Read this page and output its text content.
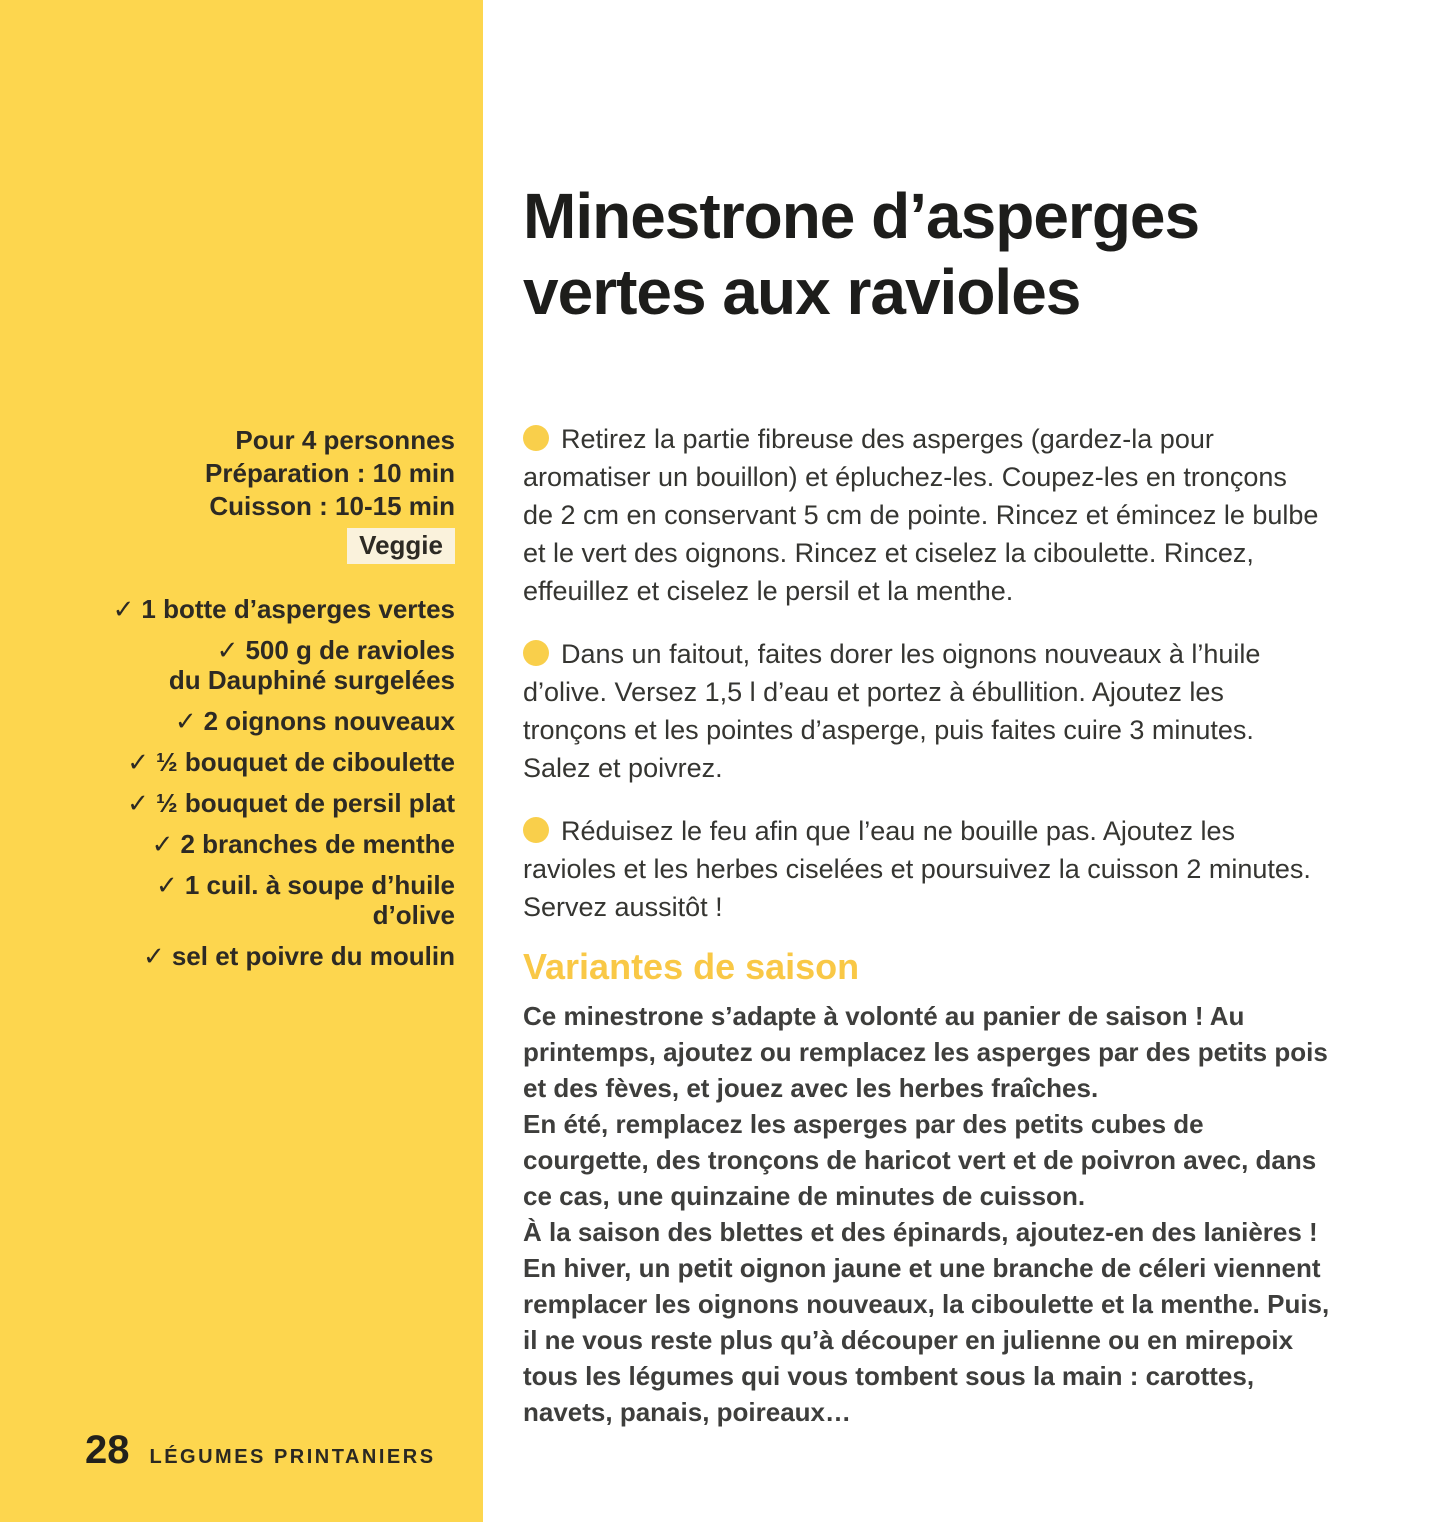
Pour 4 personnes
Préparation : 10 min
Cuisson : 10-15 min
Veggie
✓ 1 botte d’asperges vertes
✓ 500 g de ravioles
du Dauphiné surgelées
✓ 2 oignons nouveaux
✓ ½ bouquet de ciboulette
✓ ½ bouquet de persil plat
✓ 2 branches de menthe
✓ 1 cuil. à soupe d’huile
d’olive
✓ sel et poivre du moulin
28 LÉGUMES PRINTANIERS
Minestrone d’asperges
vertes aux ravioles

Retirez la partie fibreuse des asperges (gardez-la pour aromatiser un bouillon) et épluchez-les. Coupez-les en tronçons de 2 cm en conservant 5 cm de pointe. Rincez et émincez le bulbe et le vert des oignons. Rincez et ciselez la ciboulette. Rincez, effeuillez et ciselez le persil et la menthe.

Dans un faitout, faites dorer les oignons nouveaux à l’huile d’olive. Versez 1,5 l d’eau et portez à ébullition. Ajoutez les tronçons et les pointes d’asperge, puis faites cuire 3 minutes. Salez et poivrez.

Réduisez le feu afin que l’eau ne bouille pas. Ajoutez les ravioles et les herbes ciselées et poursuivez la cuisson 2 minutes. Servez aussitôt !

Variantes de saison

Ce minestrone s’adapte à volonté au panier de saison ! Au printemps, ajoutez ou remplacez les asperges par des petits pois et des fèves, et jouez avec les herbes fraîches.

En été, remplacez les asperges par des petits cubes de courgette, des tronçons de haricot vert et de poivron avec, dans ce cas, une quinzaine de minutes de cuisson.

À la saison des blettes et des épinards, ajoutez-en des lanières !

En hiver, un petit oignon jaune et une branche de céleri viennent remplacer les oignons nouveaux, la ciboulette et la menthe. Puis, il ne vous reste plus qu’à découper en julienne ou en mirepoix tous les légumes qui vous tombent sous la main : carottes, navets, panais, poireaux…
